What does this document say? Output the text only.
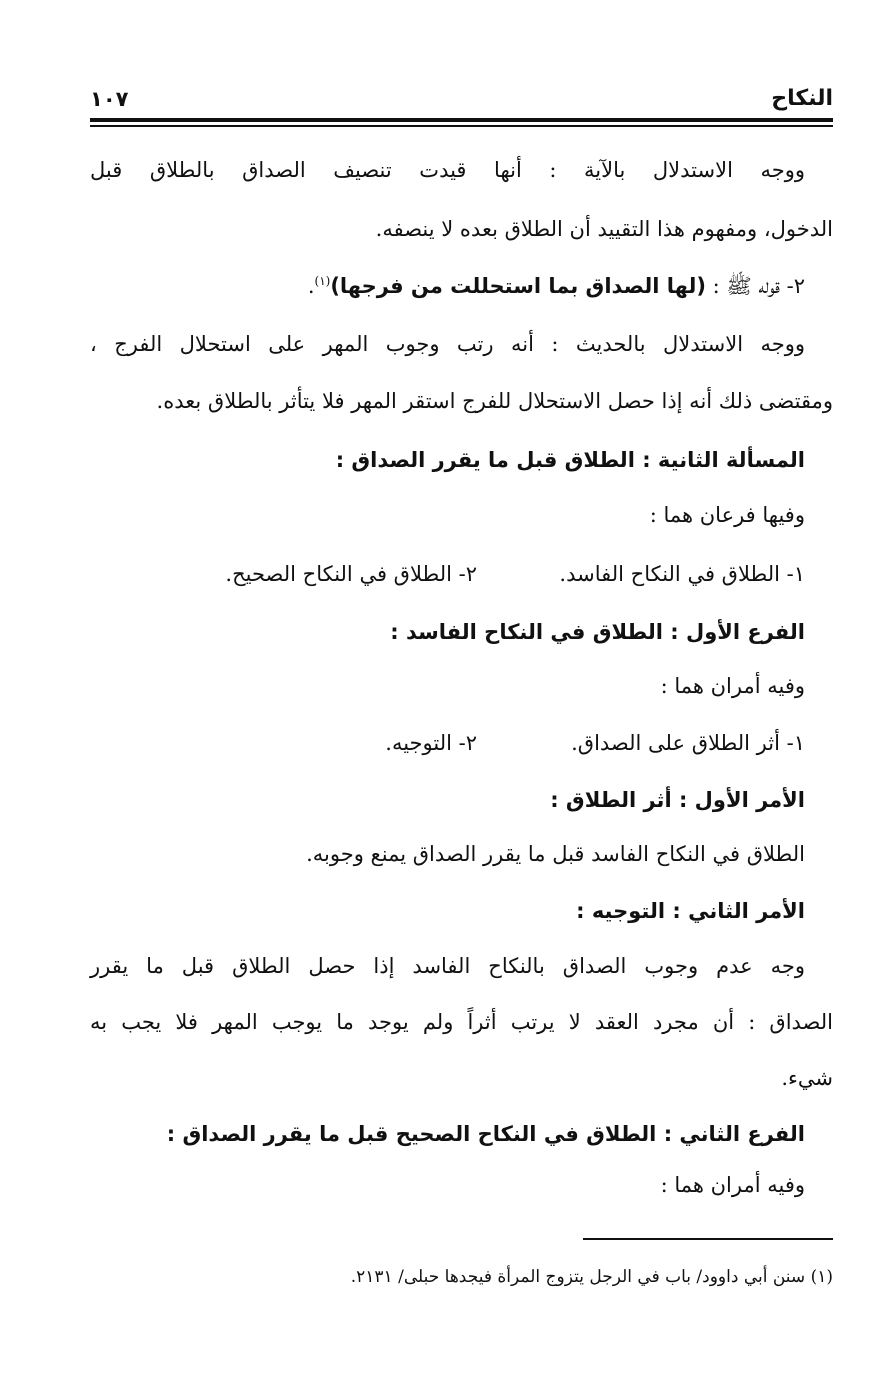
النكاح
١٠٧
ووجه الاستدلال بالآية : أنها قيدت تنصيف الصداق بالطلاق قبل
الدخول، ومفهوم هذا التقييد أن الطلاق بعده لا ينصفه.
٢- قوله ﷺ : (لها الصداق بما استحللت من فرجها)$^{(١)}$.
ووجه الاستدلال بالحديث : أنه رتب وجوب المهر على استحلال الفرج ،
ومقتضى ذلك أنه إذا حصل الاستحلال للفرج استقر المهر فلا يتأثر بالطلاق بعده.
المسألة الثانية : الطلاق قبل ما يقرر الصداق :
وفيها فرعان هما :
١- الطلاق في النكاح الفاسد.
٢- الطلاق في النكاح الصحيح.
الفرع الأول : الطلاق في النكاح الفاسد :
وفيه أمران هما :
١- أثر الطلاق على الصداق.
٢- التوجيه.
الأمر الأول : أثر الطلاق :
الطلاق في النكاح الفاسد قبل ما يقرر الصداق يمنع وجوبه.
الأمر الثاني : التوجيه :
وجه عدم وجوب الصداق بالنكاح الفاسد إذا حصل الطلاق قبل ما يقرر
الصداق : أن مجرد العقد لا يرتب أثراً ولم يوجد ما يوجب المهر فلا يجب به
شيء.
الفرع الثاني : الطلاق في النكاح الصحيح قبل ما يقرر الصداق :
وفيه أمران هما :
(١) سنن أبي داوود/ باب في الرجل يتزوج المرأة فيجدها حبلى/ ٢١٣١.
